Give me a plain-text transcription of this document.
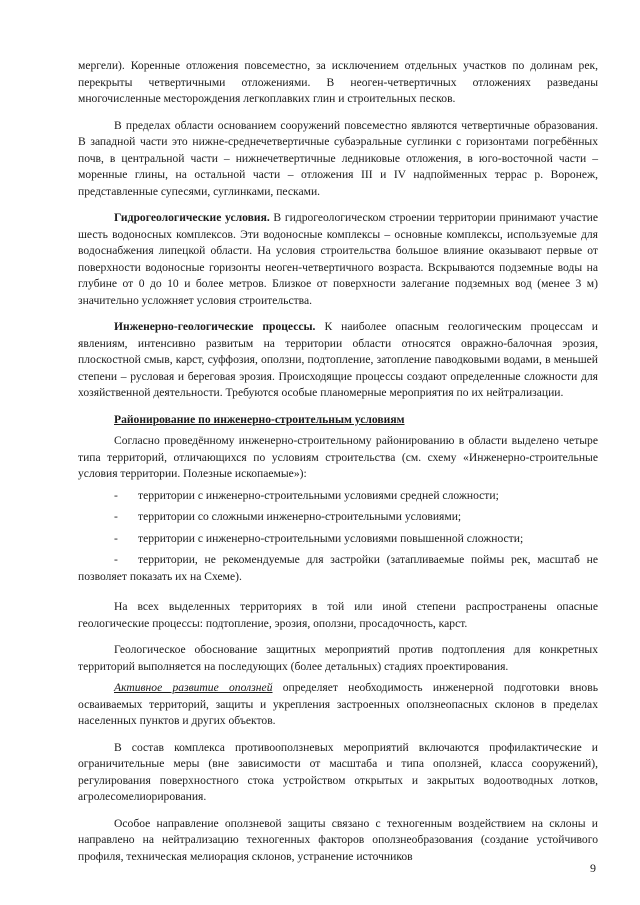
мергели). Коренные отложения повсеместно, за исключением отдельных участков по долинам рек, перекрыты четвертичными отложениями. В неоген-четвертичных отложениях разведаны многочисленные месторождения легкоплавких глин и строительных песков.

В пределах области основанием сооружений повсеместно являются четвертичные образования. В западной части это нижне-среднечетвертичные субаэральные суглинки с горизонтами погребённых почв, в центральной части – нижнечетвертичные ледниковые отложения, в юго-восточной части – моренные глины, на остальной части – отложения III и IV надпойменных террас р. Воронеж, представленные супесями, суглинками, песками.

Гидрогеологические условия. В гидрогеологическом строении территории принимают участие шесть водоносных комплексов. Эти водоносные комплексы – основные комплексы, используемые для водоснабжения липецкой области. На условия строительства большое влияние оказывают первые от поверхности водоносные горизонты неоген-четвертичного возраста. Вскрываются подземные воды на глубине от 0 до 10 и более метров. Близкое от поверхности залегание подземных вод (менее 3 м) значительно усложняет условия строительства.

Инженерно-геологические процессы. К наиболее опасным геологическим процессам и явлениям, интенсивно развитым на территории области относятся овражно-балочная эрозия, плоскостной смыв, карст, суффозия, оползни, подтопление, затопление паводковыми водами, в меньшей степени – русловая и береговая эрозия. Происходящие процессы создают определенные сложности для хозяйственной деятельности. Требуются особые планомерные мероприятия по их нейтрализации.

Районирование по инженерно-строительным условиям

Согласно проведённому инженерно-строительному районированию в области выделено четыре типа территорий, отличающихся по условиям строительства (см. схему «Инженерно-строительные условия территории. Полезные ископаемые»):

- территории с инженерно-строительными условиями средней сложности;

- территории со сложными инженерно-строительными условиями;

- территории с инженерно-строительными условиями повышенной сложности;

- территории, не рекомендуемые для застройки (затапливаемые поймы рек, масштаб не позволяет показать их на Схеме).

На всех выделенных территориях в той или иной степени распространены опасные геологические процессы: подтопление, эрозия, оползни, просадочность, карст.

Геологическое обоснование защитных мероприятий против подтопления для конкретных территорий выполняется на последующих (более детальных) стадиях проектирования.

Активное развитие оползней определяет необходимость инженерной подготовки вновь осваиваемых территорий, защиты и укрепления застроенных оползнеопасных склонов в пределах населенных пунктов и других объектов.

В состав комплекса противооползневых мероприятий включаются профилактические и ограничительные меры (вне зависимости от масштаба и типа оползней, класса сооружений), регулирования поверхностного стока устройством открытых и закрытых водоотводных лотков, агролесомелиорирования.

Особое направление оползневой защиты связано с техногенным воздействием на склоны и направлено на нейтрализацию техногенных факторов оползнеобразования (создание устойчивого профиля, техническая мелиорация склонов, устранение источников

9
